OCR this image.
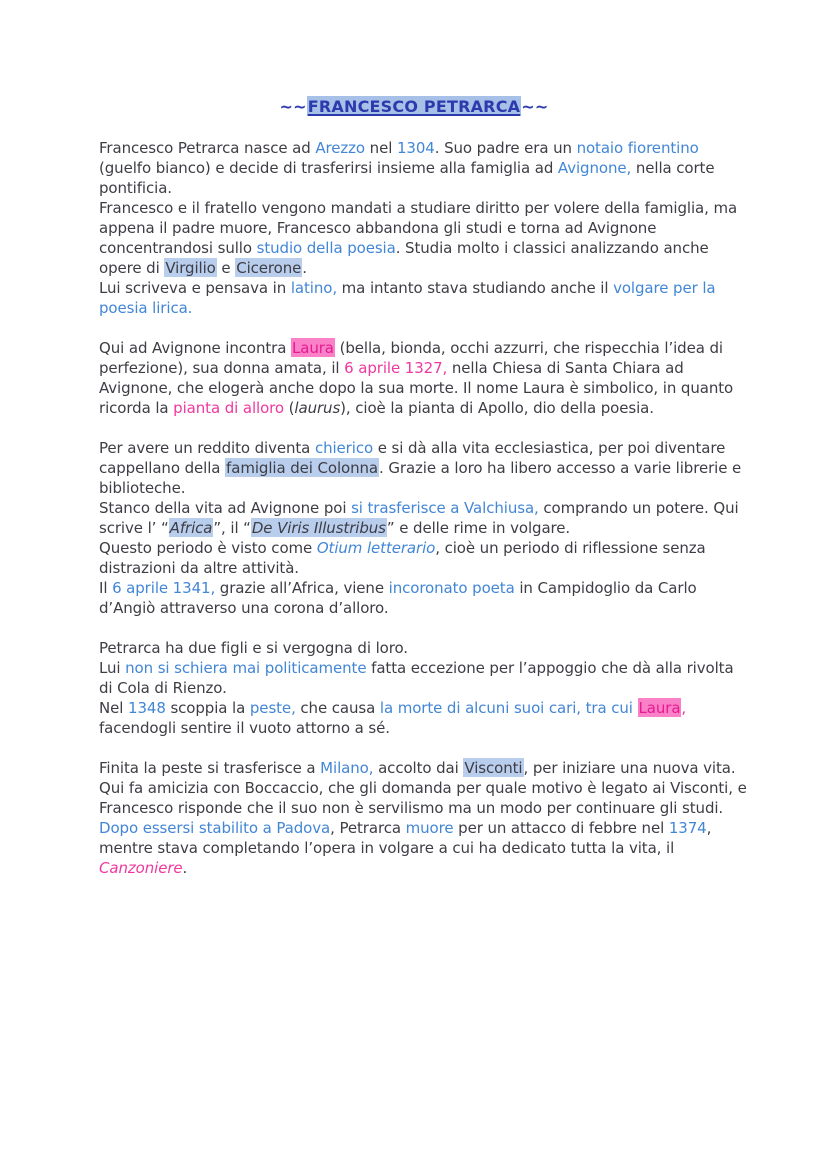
~~FRANCESCO PETRARCA~~
Francesco Petrarca nasce ad Arezzo nel 1304. Suo padre era un notaio fiorentino (guelfo bianco) e decide di trasferirsi insieme alla famiglia ad Avignone, nella corte pontificia.
Francesco e il fratello vengono mandati a studiare diritto per volere della famiglia, ma appena il padre muore, Francesco abbandona gli studi e torna ad Avignone concentrandosi sullo studio della poesia. Studia molto i classici analizzando anche opere di Virgilio e Cicerone.
Lui scriveva e pensava in latino, ma intanto stava studiando anche il volgare per la poesia lirica.
Qui ad Avignone incontra Laura (bella, bionda, occhi azzurri, che rispecchia l’idea di perfezione), sua donna amata, il 6 aprile 1327, nella Chiesa di Santa Chiara ad Avignone, che elogerà anche dopo la sua morte. Il nome Laura è simbolico, in quanto ricorda la pianta di alloro (laurus), cioè la pianta di Apollo, dio della poesia.
Per avere un reddito diventa chierico e si dà alla vita ecclesiastica, per poi diventare cappellano della famiglia dei Colonna. Grazie a loro ha libero accesso a varie librerie e biblioteche.
Stanco della vita ad Avignone poi si trasferisce a Valchiusa, comprando un potere. Qui scrive l’ “Africa”, il “De Viris Illustribus” e delle rime in volgare.
Questo periodo è visto come Otium letterario, cioè un periodo di riflessione senza distrazioni da altre attività.
Il 6 aprile 1341, grazie all’Africa, viene incoronato poeta in Campidoglio da Carlo d’Angiò attraverso una corona d’alloro.
Petrarca ha due figli e si vergogna di loro.
Lui non si schiera mai politicamente fatta eccezione per l’appoggio che dà alla rivolta di Cola di Rienzo.
Nel 1348 scoppia la peste, che causa la morte di alcuni suoi cari, tra cui Laura, facendogli sentire il vuoto attorno a sé.
Finita la peste si trasferisce a Milano, accolto dai Visconti, per iniziare una nuova vita. Qui fa amicizia con Boccaccio, che gli domanda per quale motivo è legato ai Visconti, e Francesco risponde che il suo non è servilismo ma un modo per continuare gli studi.
Dopo essersi stabilito a Padova, Petrarca muore per un attacco di febbre nel 1374, mentre stava completando l’opera in volgare a cui ha dedicato tutta la vita, il Canzoniere.
